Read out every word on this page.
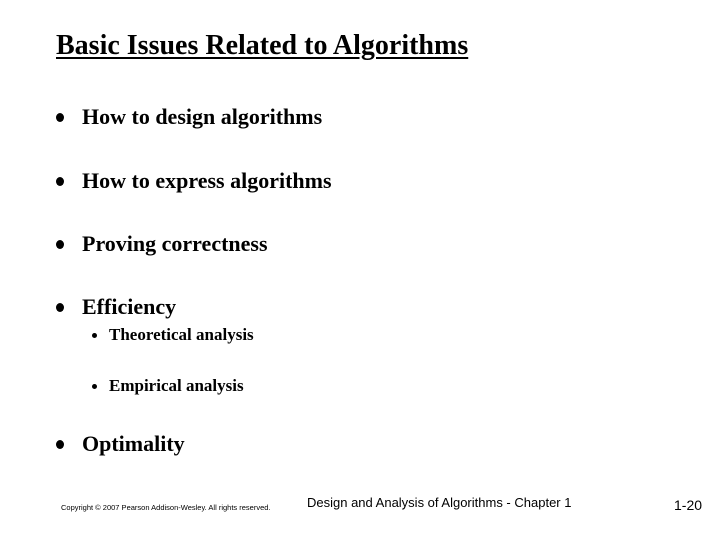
Basic Issues Related to Algorithms
How to design algorithms
How to express algorithms
Proving correctness
Efficiency
Theoretical analysis
Empirical analysis
Optimality
Copyright © 2007 Pearson Addison-Wesley. All rights reserved.	Design and Analysis of Algorithms - Chapter 1	1-20
